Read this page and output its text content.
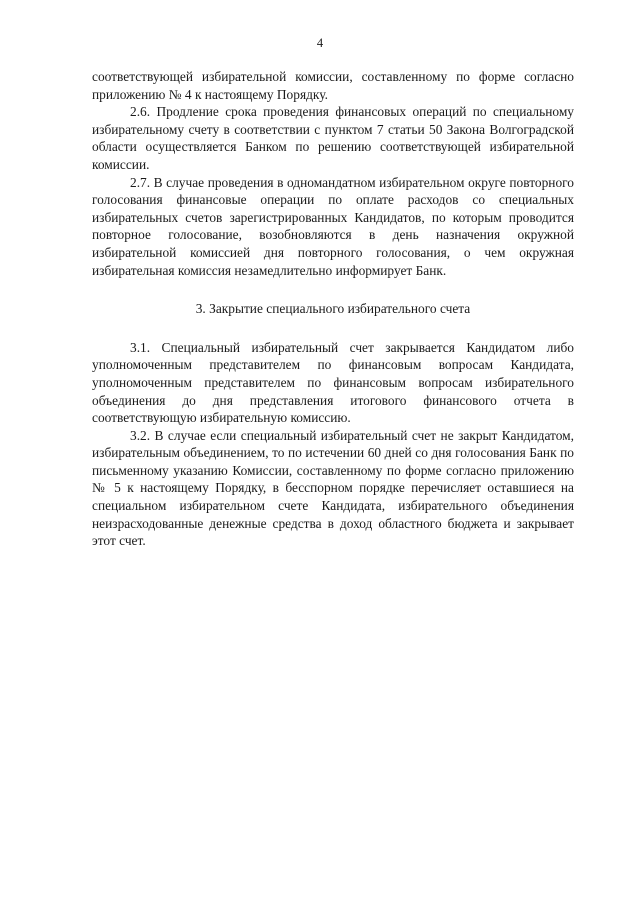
4

соответствующей избирательной комиссии, составленному по форме согласно приложению № 4 к настоящему Порядку.

2.6. Продление срока проведения финансовых операций по специальному избирательному счету в соответствии с пунктом 7 статьи 50 Закона Волгоградской области осуществляется Банком по решению соответствующей избирательной комиссии.

2.7. В случае проведения в одномандатном избирательном округе повторного голосования финансовые операции по оплате расходов со специальных избирательных счетов зарегистрированных Кандидатов, по которым проводится повторное голосование, возобновляются в день назначения окружной избирательной комиссией дня повторного голосования, о чем окружная избирательная комиссия незамедлительно информирует Банк.

3. Закрытие специального избирательного счета

3.1. Специальный избирательный счет закрывается Кандидатом либо уполномоченным представителем по финансовым вопросам Кандидата, уполномоченным представителем по финансовым вопросам избирательного объединения до дня представления итогового финансового отчета в соответствующую избирательную комиссию.

3.2. В случае если специальный избирательный счет не закрыт Кандидатом, избирательным объединением, то по истечении 60 дней со дня голосования Банк по письменному указанию Комиссии, составленному по форме согласно приложению № 5 к настоящему Порядку, в бесспорном порядке перечисляет оставшиеся на специальном избирательном счете Кандидата, избирательного объединения неизрасходованные денежные средства в доход областного бюджета и закрывает этот счет.
